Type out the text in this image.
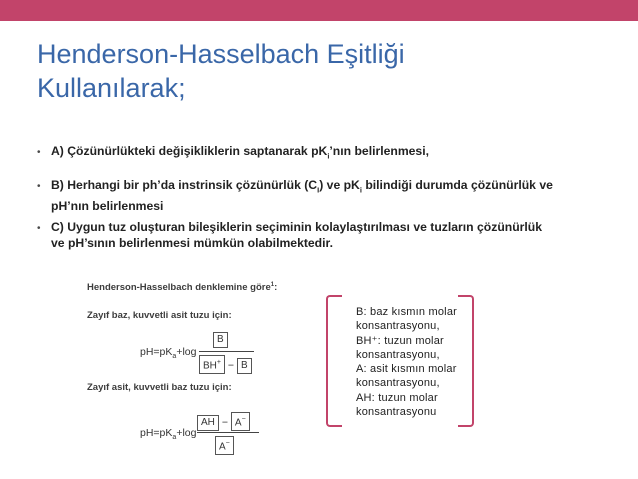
Henderson-Hasselbach Eşitliği
Kullanılarak;
• A) Çözünürlükteki değişikliklerin saptanarak $pK_i’nın$ belirlenmesi,
• B) Herhangi bir ph’da instrinsik çözünürlük $(C_I)$ ve $pK_i$ bilindiği durumda çözünürlük ve
pH’nın belirlenmesi
• C) Uygun tuz oluşturan bileşiklerin seçiminin kolaylaştırılması ve tuzların çözünürlük
ve pH’sının belirlenmesi mümkün olabilmektedir.
Henderson-Hasselbach denklemine göre$^1$:
Zayıf baz, kuvvetli asit tuzu için:
$pH=pK_a+\log$
B
BH+ − B
Zayıf asit, kuvvetli baz tuzu için:
$pH=pK_a+\log$
AH − A−
A−
B: baz kısmın molar
konsantrasyonu,
BH⁺: tuzun molar
konsantrasyonu,
A: asit kısmın molar
konsantrasyonu,
AH: tuzun molar
konsantrasyonu
